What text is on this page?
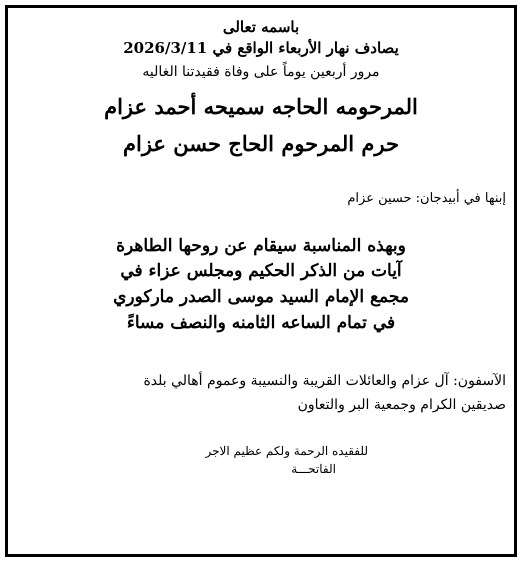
باسمه تعالى
يصادف نهار الأربعاء الواقع في 2026/3/11
مرور أربعين يوماً على وفاة فقيدتنا الغاليه
المرحومه الحاجه سميحه أحمد عزام
حرم المرحوم الحاج حسن عزام
إبنها في أبيدجان: حسين عزام
وبهذه المناسبة سيقام عن روحها الطاهرة
آيات من الذكر الحكيم ومجلس عزاء في
مجمع الإمام السيد موسى الصدر ماركوري
في تمام الساعه الثامنه والنصف مساءً
الآسفون: آل عزام والعائلات القريبة والنسيبة وعموم أهالي بلدة
صديقين الكرام وجمعية البر والتعاون
للفقيده الرحمة ولكم عظيم الاجر
الفاتحـــة
